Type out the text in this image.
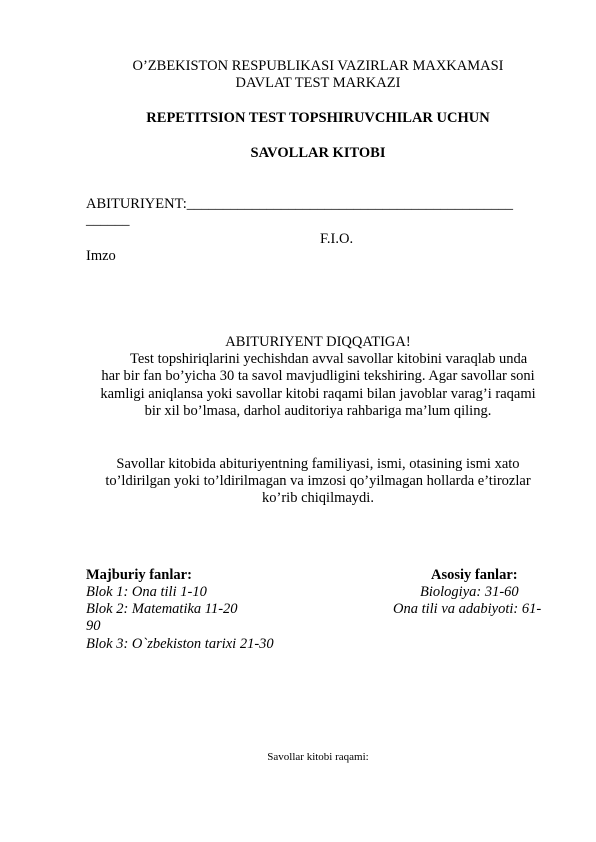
O’ZBEKISTON RESPUBLIKASI VAZIRLAR MAXKAMASI
DAVLAT TEST MARKAZI
REPETITSION TEST TOPSHIRUVCHILAR UCHUN
SAVOLLAR KITOBI
ABITURIYENT:_____________________________________________
______
F.I.O.
Imzo
ABITURIYENT DIQQATIGA!
Test topshiriqlarini yechishdan avval savollar kitobini varaqlab unda
har bir fan bo’yicha 30 ta savol mavjudligini tekshiring. Agar savollar soni
kamligi aniqlansa yoki savollar kitobi raqami bilan javoblar varag’i raqami
bir xil bo’lmasa, darhol auditoriya rahbariga ma’lum qiling.
Savollar kitobida abituriyentning familiyasi, ismi, otasining ismi xato
to’ldirilgan yoki to’ldirilmagan va imzosi qo’yilmagan hollarda e’tirozlar
ko’rib chiqilmaydi.
Majburiy fanlar:
Blok 1: Ona tili 1-10
Blok 2: Matematika 11-20
90
Blok 3: O`zbekiston tarixi 21-30
Asosiy fanlar:
Biologiya: 31-60
Ona tili va adabiyoti: 61-
Savollar kitobi raqami:
